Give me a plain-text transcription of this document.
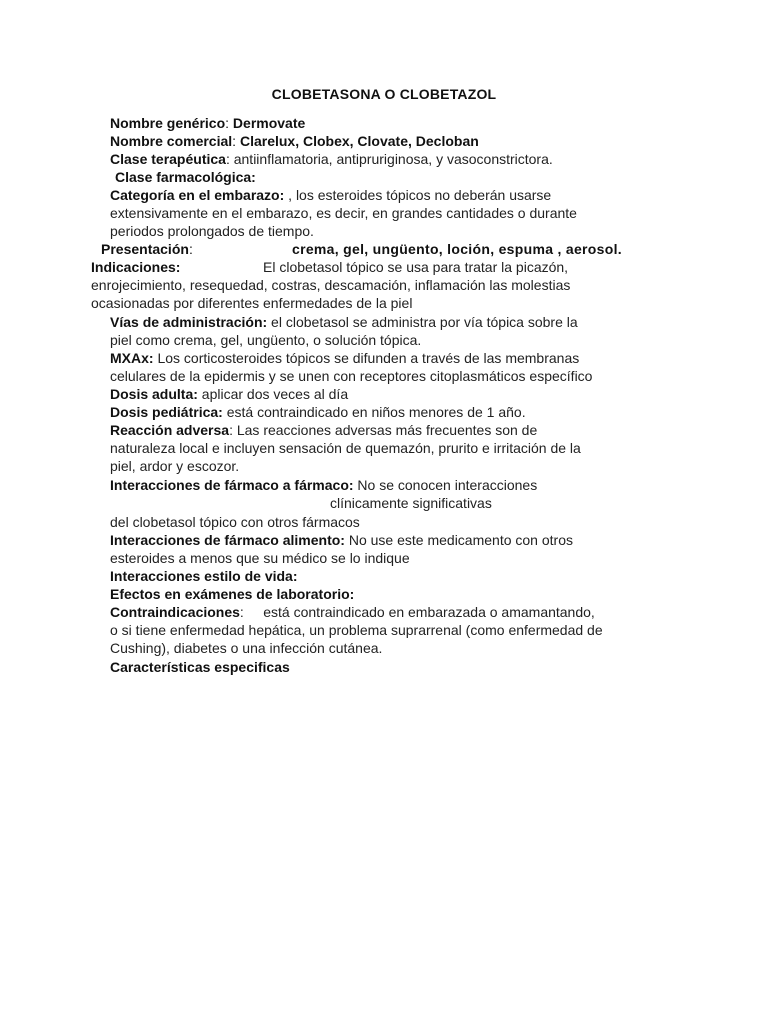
CLOBETASONA O CLOBETAZOL
Nombre genérico: Dermovate
Nombre comercial: Clarelux, Clobex, Clovate, Decloban
Clase terapéutica: antiinflamatoria, antipruriginosa, y vasoconstrictora.
Clase farmacológica:
Categoría en el embarazo: , los esteroides tópicos no deberán usarse
extensivamente en el embarazo, es decir, en grandes cantidades o durante
periodos prolongados de tiempo.
Presentación:	crema, gel, ungüento, loción, espuma , aerosol.
Indicaciones:	El clobetasol tópico se usa para tratar la picazón,
enrojecimiento, resequedad, costras, descamación, inflamación las molestias
ocasionadas por diferentes enfermedades de la piel
Vías de administración: el clobetasol se administra por vía tópica sobre la
piel como crema, gel, ungüento, o solución tópica.
MXAx: Los corticosteroides tópicos se difunden a través de las membranas
celulares de la epidermis y se unen con receptores citoplasmáticos específico
Dosis adulta: aplicar dos veces al día
Dosis pediátrica: está contraindicado en niños menores de 1 año.
Reacción adversa: Las reacciones adversas más frecuentes son de
naturaleza local e incluyen sensación de quemazón, prurito e irritación de la
piel, ardor y escozor.
Interacciones de fármaco a fármaco: No se conocen interacciones
clínicamente significativas
del clobetasol tópico con otros fármacos
Interacciones de fármaco alimento: No use este medicamento con otros
esteroides a menos que su médico se lo indique
Interacciones estilo de vida:
Efectos en exámenes de laboratorio:
Contraindicaciones:     está contraindicado en embarazada o amamantando,
o si tiene enfermedad hepática, un problema suprarrenal (como enfermedad de
Cushing), diabetes o una infección cutánea.
Características especificas
